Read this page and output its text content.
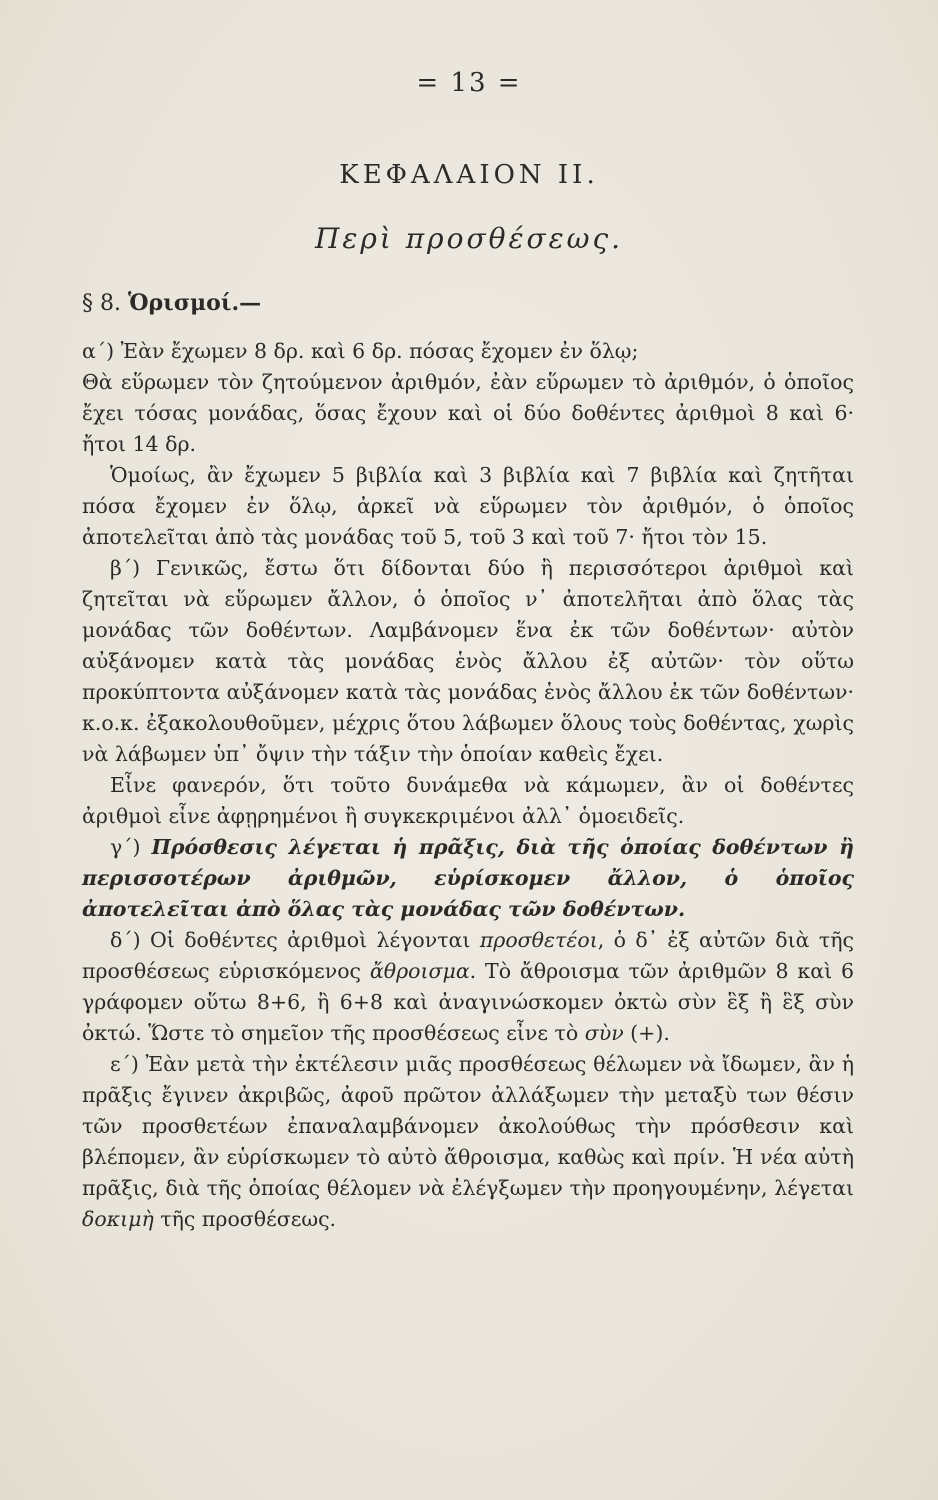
= 13 =
ΚΕΦΑΛΑΙΟΝ ΙΙ.
Περὶ προσθέσεως.
§ 8. Ὁρισμοί.—

α΄) Ἐὰν ἔχωμεν 8 δρ. καὶ 6 δρ. πόσας ἔχομεν ἐν ὅλῳ;

Θὰ εὕρωμεν τὸν ζητούμενον ἀριθμόν, ἐὰν εὕρωμεν τὸ ἀριθμόν, ὁ ὁποῖος ἔχει τόσας μονάδας, ὅσας ἔχουν καὶ οἱ δύο δοθέντες ἀριθμοὶ 8 καὶ 6· ἤτοι 14 δρ.

Ὁμοίως, ἂν ἔχωμεν 5 βιβλία καὶ 3 βιβλία καὶ 7 βιβλία καὶ ζητῆται πόσα ἔχομεν ἐν ὅλῳ, ἀρκεῖ νὰ εὕρωμεν τὸν ἀριθμόν, ὁ ὁποῖος ἀποτελεῖται ἀπὸ τὰς μονάδας τοῦ 5, τοῦ 3 καὶ τοῦ 7· ἤτοι τὸν 15.

β΄) Γενικῶς, ἔστω ὅτι δίδονται δύο ἢ περισσότεροι ἀριθμοὶ καὶ ζητεῖται νὰ εὕρωμεν ἄλλον, ὁ ὁποῖος ν᾽ ἀποτελῆται ἀπὸ ὅλας τὰς μονάδας τῶν δοθέντων. Λαμβάνομεν ἕνα ἐκ τῶν δοθέντων· αὐτὸν αὐξάνομεν κατὰ τὰς μονάδας ἑνὸς ἄλλου ἐξ αὐτῶν· τὸν οὕτω προκύπτοντα αὐξάνομεν κατὰ τὰς μονάδας ἑνὸς ἄλλου ἐκ τῶν δοθέντων· κ.ο.κ. ἐξακολουθοῦμεν, μέχρις ὅτου λάβωμεν ὅλους τοὺς δοθέντας, χωρὶς νὰ λάβωμεν ὑπ᾽ ὄψιν τὴν τάξιν τὴν ὁποίαν καθεὶς ἔχει.

Εἶνε φανερόν, ὅτι τοῦτο δυνάμεθα νὰ κάμωμεν, ἂν οἱ δοθέντες ἀριθμοὶ εἶνε ἀφῃρημένοι ἢ συγκεκριμένοι ἀλλ᾽ ὁμοειδεῖς.

γ΄) Πρόσθεσις λέγεται ἡ πρᾶξις, διὰ τῆς ὁποίας δοθέντων ἢ περισσοτέρων ἀριθμῶν, εὑρίσκομεν ἄλλον, ὁ ὁποῖος ἀποτελεῖται ἀπὸ ὅλας τὰς μονάδας τῶν δοθέντων.

δ΄) Οἱ δοθέντες ἀριθμοὶ λέγονται προσθετέοι, ὁ δ᾽ ἐξ αὐτῶν διὰ τῆς προσθέσεως εὑρισκόμενος ἄθροισμα. Τὸ ἄθροισμα τῶν ἀριθμῶν 8 καὶ 6 γράφομεν οὕτω 8+6, ἢ 6+8 καὶ ἀναγινώσκομεν ὀκτὼ σὺν ἓξ ἢ ἓξ σὺν ὀκτώ. Ὥστε τὸ σημεῖον τῆς προσθέσεως εἶνε τὸ σὺν (+).

ε΄) Ἐὰν μετὰ τὴν ἐκτέλεσιν μιᾶς προσθέσεως θέλωμεν νὰ ἴδωμεν, ἂν ἡ πρᾶξις ἔγινεν ἀκριβῶς, ἀφοῦ πρῶτον ἀλλάξωμεν τὴν μεταξὺ των θέσιν τῶν προσθετέων ἐπαναλαμβάνομεν ἀκολούθως τὴν πρόσθεσιν καὶ βλέπομεν, ἂν εὑρίσκωμεν τὸ αὐτὸ ἄθροισμα, καθὼς καὶ πρίν. Ἡ νέα αὐτὴ πρᾶξις, διὰ τῆς ὁποίας θέλομεν νὰ ἐλέγξωμεν τὴν προηγουμένην, λέγεται δοκιμὴ τῆς προσθέσεως.
